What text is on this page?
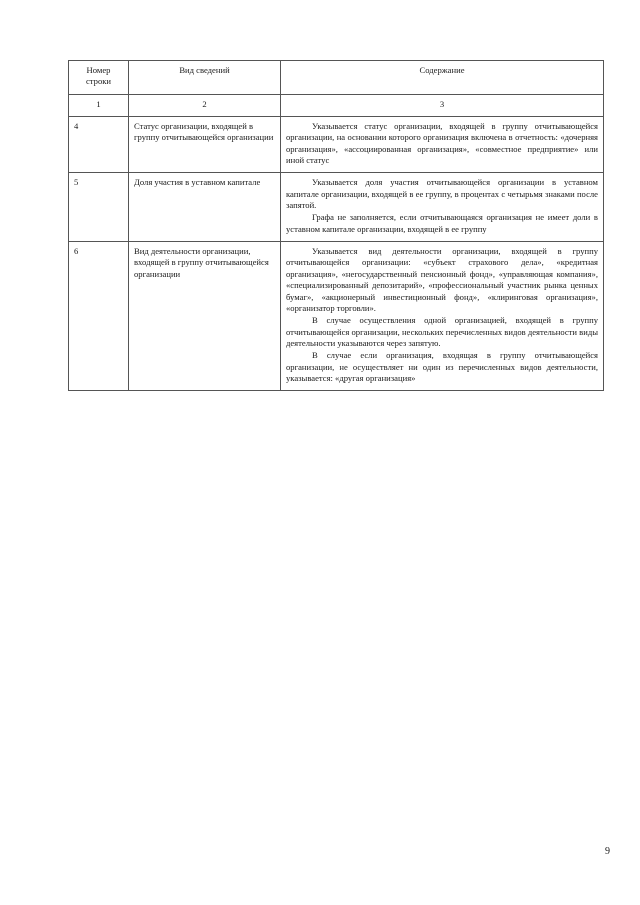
Номер строки	Вид сведений	Содержание
1	2	3
4	Статус организации, входящей в группу отчитывающейся организации	Указывается статус организации, входящей в группу отчитывающейся организации, на основании которого организация включена в отчетность: «дочерняя организация», «ассоциированная организация», «совместное предприятие» или иной статус

5	Доля участия в уставном капитале	Указывается доля участия отчитывающейся организации в уставном капитале организации, входящей в ее группу, в процентах с четырьмя знаками после запятой.

Графа не заполняется, если отчитывающаяся организация не имеет доли в уставном капитале организации, входящей в ее группу

6	Вид деятельности организации, входящей в группу отчитывающейся организации	Указывается вид деятельности организации, входящей в группу отчитывающейся организации: «субъект страхового дела», «кредитная организация», «негосударственный пенсионный фонд», «управляющая компания», «специализированный депозитарий», «профессиональный участник рынка ценных бумаг», «акционерный инвестиционный фонд», «клиринговая организация», «организатор торговли».

В случае осуществления одной организацией, входящей в группу отчитывающейся организации, нескольких перечисленных видов деятельности виды деятельности указываются через запятую.

В случае если организация, входящая в группу отчитывающейся организации, не осуществляет ни один из перечисленных видов деятельности, указывается: «другая организация»

9
